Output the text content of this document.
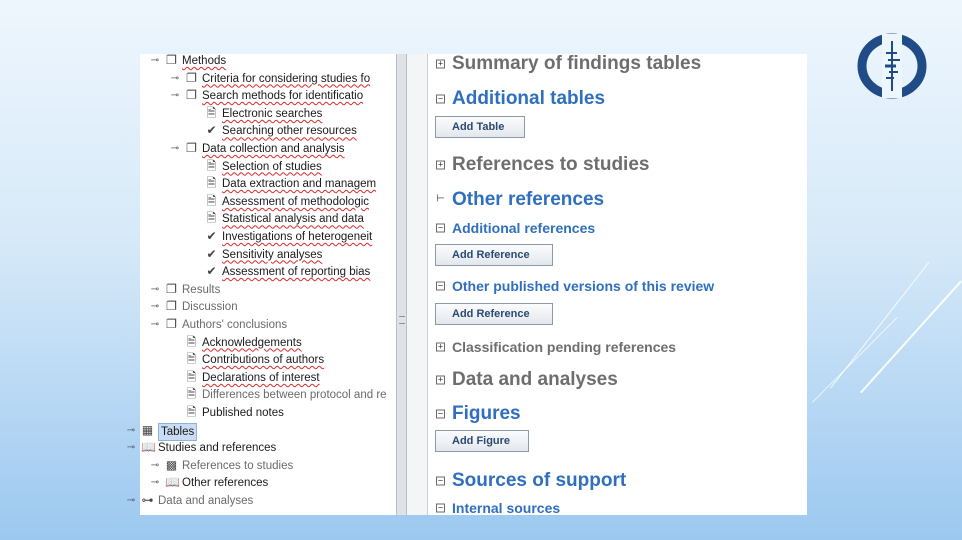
⊸ ❐ Methods
⊸ ❐ Criteria for considering studies fo
⊸ ❐ Search methods for identificatio
🗎 Electronic searches
✔ Searching other resources
⊸ ❐ Data collection and analysis
🗎 Selection of studies
🗎 Data extraction and managem
🗎 Assessment of methodologic
🗎 Statistical analysis and data
✔ Investigations of heterogeneit
✔ Sensitivity analyses
✔ Assessment of reporting bias
⊸ ❐ Results
⊸ ❐ Discussion
⊸ ❐ Authors' conclusions
🗎 Acknowledgements
🗎 Contributions of authors
🗎 Declarations of interest
🗎 Differences between protocol and re
🗎 Published notes
⊸ ▦ Tables
⊸ 📖 Studies and references
⊸ ▩ References to studies
⊸ 📖 Other references
⊸ ⊶ Data and analyses
+ Summary of findings tables
− Additional tables
Add Table
+ References to studies
⊢ Other references
− Additional references
Add Reference
− Other published versions of this review
Add Reference
+ Classification pending references
+ Data and analyses
− Figures
Add Figure
− Sources of support
− Internal sources
